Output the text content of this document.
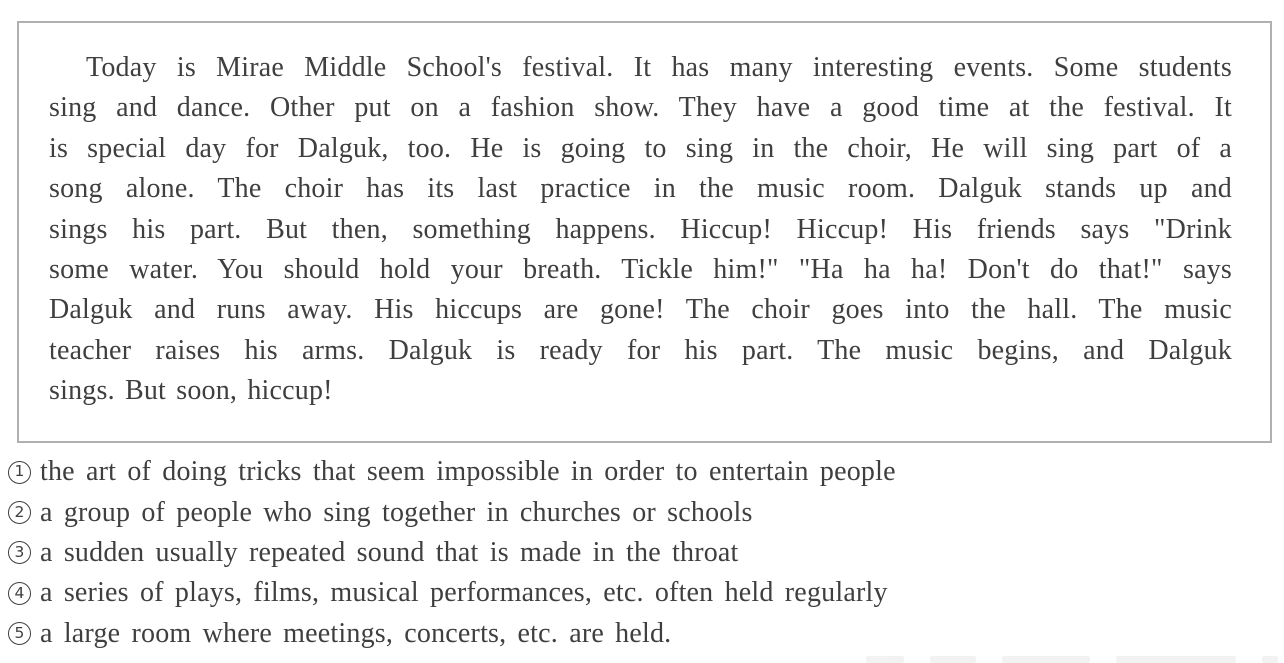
Today is Mirae Middle School's festival. It has many interesting events. Some students
sing and dance. Other put on a fashion show. They have a good time at the festival. It
is special day for Dalguk, too. He is going to sing in the choir, He will sing part of a
song alone. The choir has its last practice in the music room. Dalguk stands up and
sings his part. But then, something happens. Hiccup! Hiccup! His friends says "Drink
some water. You should hold your breath. Tickle him!" "Ha ha ha! Don't do that!" says
Dalguk and runs away. His hiccups are gone! The choir goes into the hall. The music
teacher raises his arms. Dalguk is ready for his part. The music begins, and Dalguk
sings. But soon, hiccup!
1 the art of doing tricks that seem impossible in order to entertain people
2 a group of people who sing together in churches or schools
3 a sudden usually repeated sound that is made in the throat
4 a series of plays, films, musical performances, etc. often held regularly
5 a large room where meetings, concerts, etc. are held.
